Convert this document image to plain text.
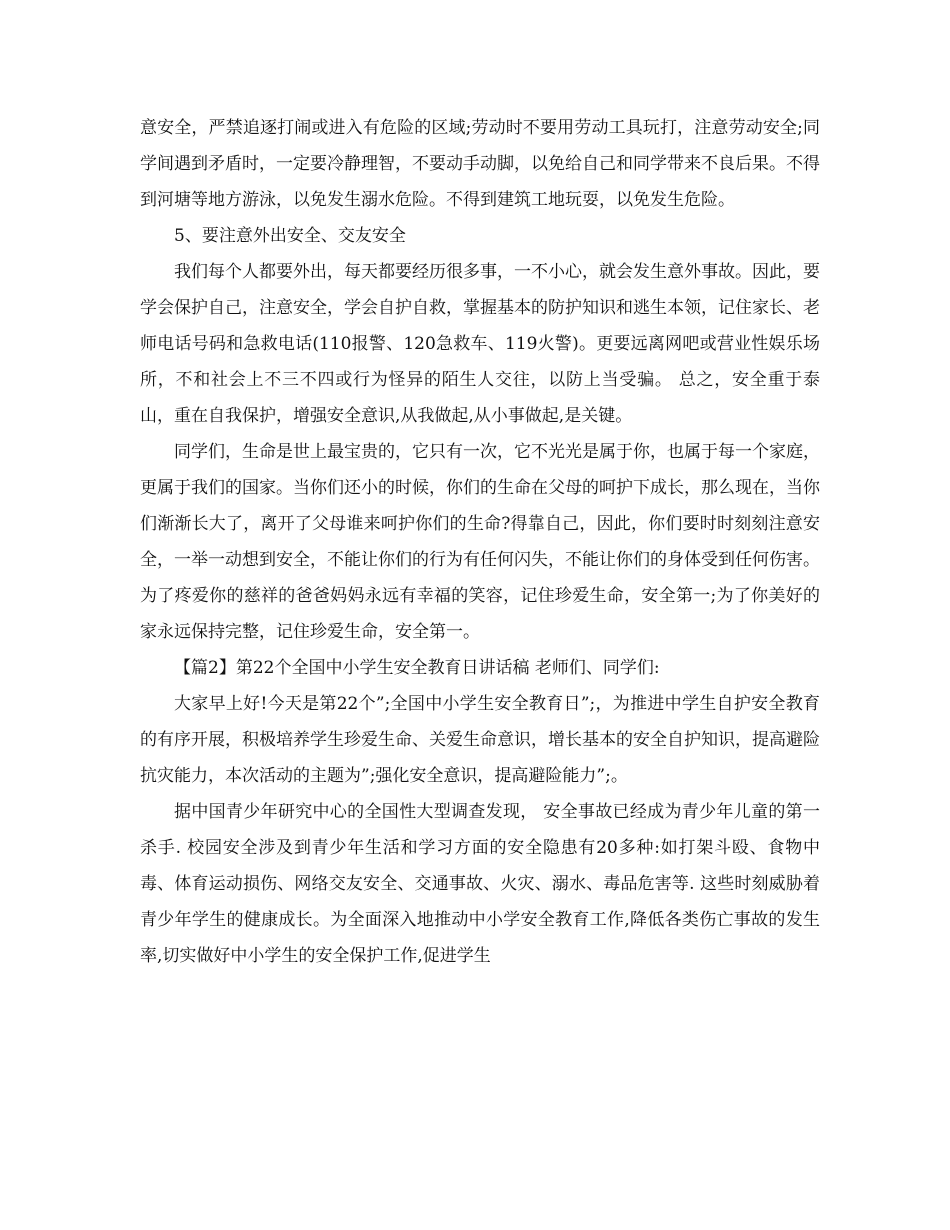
意安全，严禁追逐打闹或进入有危险的区域;劳动时不要用劳动工具玩打，注意劳动安全;同学间遇到矛盾时，一定要冷静理智，不要动手动脚，以免给自己和同学带来不良后果。不得到河塘等地方游泳，以免发生溺水危险。不得到建筑工地玩耍，以免发生危险。

5、要注意外出安全、交友安全

我们每个人都要外出，每天都要经历很多事，一不小心，就会发生意外事故。因此，要学会保护自己，注意安全，学会自护自救，掌握基本的防护知识和逃生本领，记住家长、老师电话号码和急救电话(110报警、120急救车、119火警)。更要远离网吧或营业性娱乐场所，不和社会上不三不四或行为怪异的陌生人交往，以防上当受骗。 总之，安全重于泰山，重在自我保护，增强安全意识,从我做起,从小事做起,是关键。

同学们，生命是世上最宝贵的，它只有一次，它不光光是属于你，也属于每一个家庭，更属于我们的国家。当你们还小的时候，你们的生命在父母的呵护下成长，那么现在，当你们渐渐长大了，离开了父母谁来呵护你们的生命?得靠自己，因此，你们要时时刻刻注意安全，一举一动想到安全，不能让你们的行为有任何闪失，不能让你们的身体受到任何伤害。为了疼爱你的慈祥的爸爸妈妈永远有幸福的笑容，记住珍爱生命，安全第一;为了你美好的家永远保持完整，记住珍爱生命，安全第一。

【篇2】第22个全国中小学生安全教育日讲话稿 老师们、同学们:

大家早上好!今天是第22个”;全国中小学生安全教育日”;，为推进中学生自护安全教育的有序开展，积极培养学生珍爱生命、关爱生命意识，增长基本的安全自护知识，提高避险抗灾能力，本次活动的主题为”;强化安全意识，提高避险能力”;。

据中国青少年研究中心的全国性大型调查发现， 安全事故已经成为青少年儿童的第一杀手. 校园安全涉及到青少年生活和学习方面的安全隐患有20多种:如打架斗殴、食物中毒、体育运动损伤、网络交友安全、交通事故、火灾、溺水、毒品危害等. 这些时刻威胁着青少年学生的健康成长。为全面深入地推动中小学安全教育工作,降低各类伤亡事故的发生率,切实做好中小学生的安全保护工作,促进学生
